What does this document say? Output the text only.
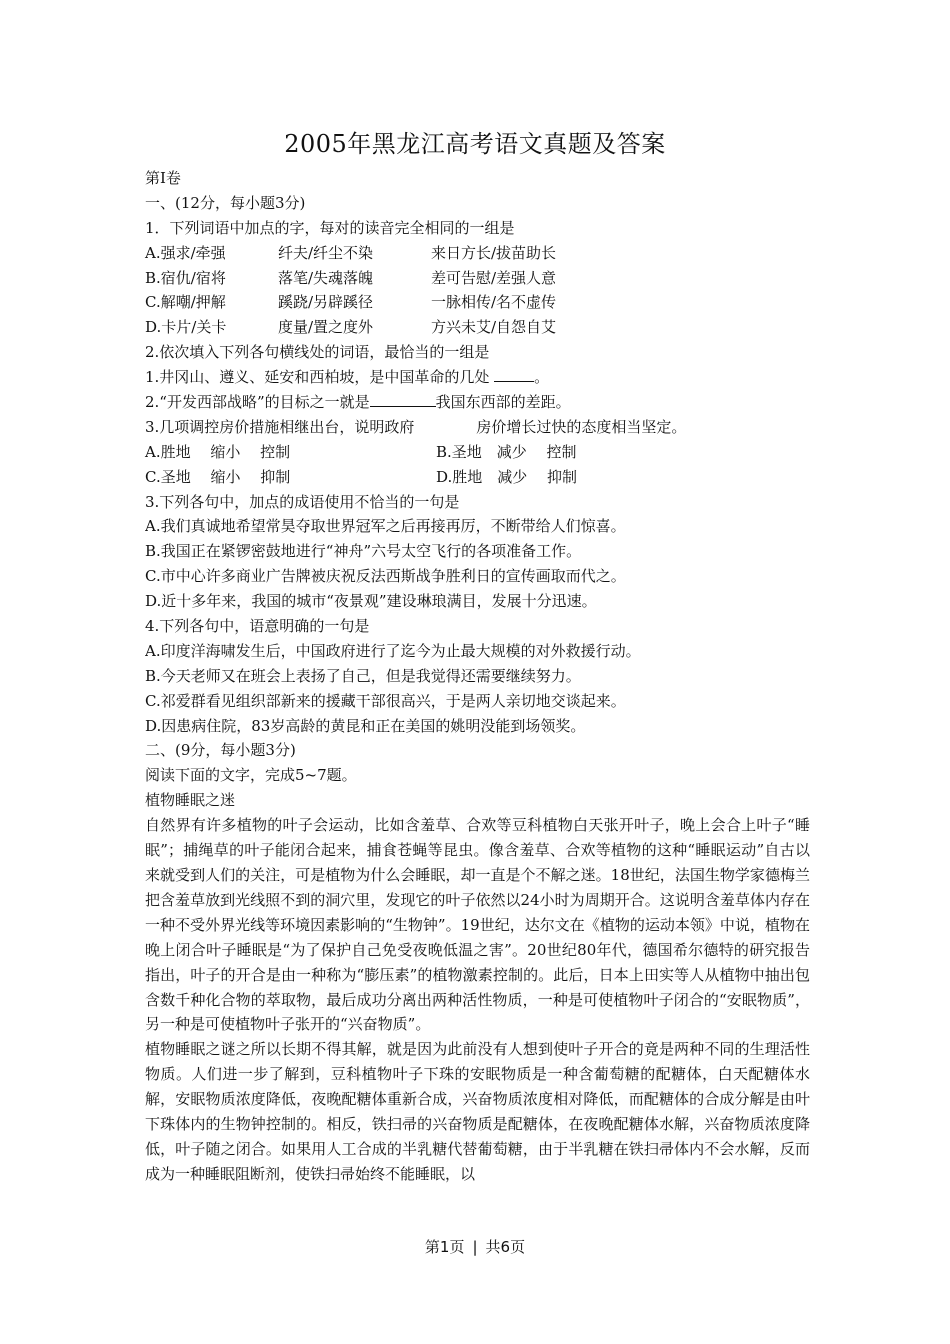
2005年黑龙江高考语文真题及答案
第Ⅰ卷
一、(12分，每小题3分)
1．下列词语中加点的字，每对的读音完全相同的一组是
A.强求/牵强	纤夫/纤尘不染	来日方长/拔苗助长
B.宿仇/宿将	落笔/失魂落魄	差可告慰/差强人意
C.解嘲/押解	蹊跷/另辟蹊径	一脉相传/名不虚传
D.卡片/关卡	度量/置之度外	方兴未艾/自怨自艾
2.依次填入下列各句横线处的词语，最恰当的一组是
1.井冈山、遵义、延安和西柏坡，是中国革命的几处	。
2.“开发西部战略”的目标之一就是	我国东西部的差距。
3.几项调控房价措施相继出台，说明政府	房价增长过快的态度相当坚定。
A.胜地　 缩小　 控制	B.圣地　减少　 控制
C.圣地　 缩小　 抑制	D.胜地　减少　 抑制
3.下列各句中，加点的成语使用不恰当的一句是
A.我们真诚地希望常昊夺取世界冠军之后再接再厉，不断带给人们惊喜。
B.我国正在紧锣密鼓地进行“神舟”六号太空飞行的各项准备工作。
C.市中心许多商业广告牌被庆祝反法西斯战争胜利日的宣传画取而代之。
D.近十多年来，我国的城市“夜景观”建设琳琅满目，发展十分迅速。
4.下列各句中，语意明确的一句是
A.印度洋海啸发生后，中国政府进行了迄今为止最大规模的对外救援行动。
B.今天老师又在班会上表扬了自己，但是我觉得还需要继续努力。
C.祁爱群看见组织部新来的援藏干部很高兴，于是两人亲切地交谈起来。
D.因患病住院，83岁高龄的黄昆和正在美国的姚明没能到场领奖。
二、(9分，每小题3分)
阅读下面的文字，完成5~7题。
植物睡眠之迷
自然界有许多植物的叶子会运动，比如含羞草、合欢等豆科植物白天张开叶子，晚上会合上叶子“睡眠”；捕绳草的叶子能闭合起来，捕食苍蝇等昆虫。像含羞草、合欢等植物的这种“睡眠运动”自古以来就受到人们的关注，可是植物为什么会睡眠，却一直是个不解之迷。18世纪，法国生物学家德梅兰把含羞草放到光线照不到的洞穴里，发现它的叶子依然以24小时为周期开合。这说明含羞草体内存在一种不受外界光线等环境因素影响的“生物钟”。19世纪，达尔文在《植物的运动本领》中说，植物在晚上闭合叶子睡眠是“为了保护自己免受夜晚低温之害”。20世纪80年代，德国希尔德特的研究报告指出，叶子的开合是由一种称为“膨压素”的植物激素控制的。此后，日本上田实等人从植物中抽出包含数千种化合物的萃取物，最后成功分离出两种活性物质，一种是可使植物叶子闭合的“安眠物质”，另一种是可使植物叶子张开的“兴奋物质”。
植物睡眠之谜之所以长期不得其解，就是因为此前没有人想到使叶子开合的竟是两种不同的生理活性物质。人们进一步了解到，豆科植物叶子下珠的安眠物质是一种含葡萄糖的配糖体，白天配糖体水解，安眠物质浓度降低，夜晚配糖体重新合成，兴奋物质浓度相对降低，而配糖体的合成分解是由叶下珠体内的生物钟控制的。相反，铁扫帚的兴奋物质是配糖体，在夜晚配糖体水解，兴奋物质浓度降低，叶子随之闭合。如果用人工合成的半乳糖代替葡萄糖，由于半乳糖在铁扫帚体内不会水解，反而成为一种睡眠阻断剂，使铁扫帚始终不能睡眠，以
第1页 | 共6页
